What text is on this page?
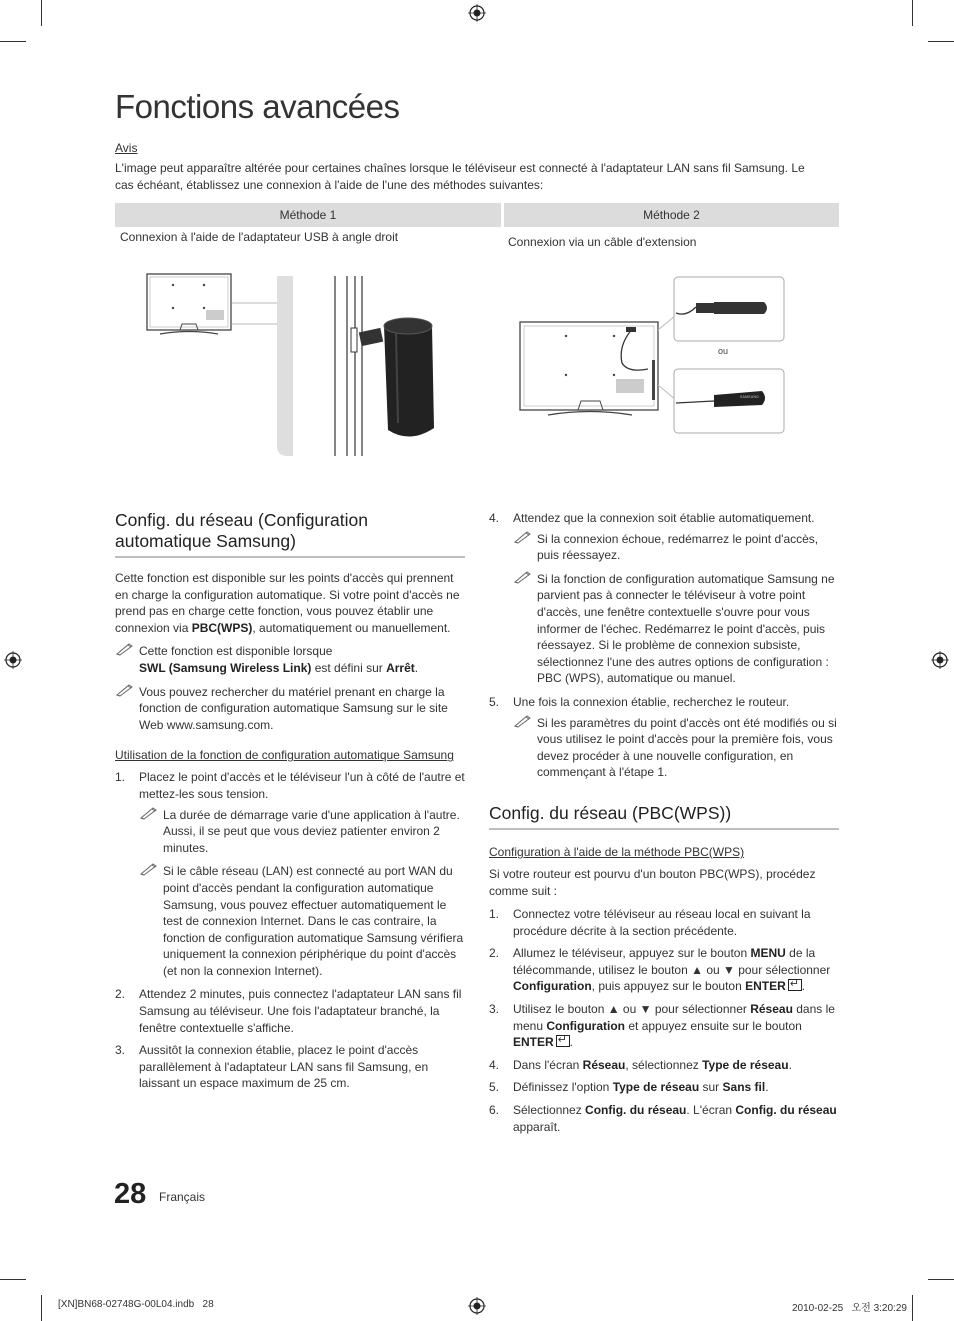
Fonctions avancées
Avis
L'image peut apparaître altérée pour certaines chaînes lorsque le téléviseur est connecté à l'adaptateur LAN sans fil Samsung. Le cas échéant, établissez une connexion à l'aide de l'une des méthodes suivantes:
Méthode 1	Méthode 2
Connexion à l'aide de l'adaptateur USB à angle droit	Connexion via un câble d'extension
ou
SAMSUNG
Config. du réseau (Configuration automatique Samsung)

Cette fonction est disponible sur les points d'accès qui prennent en charge la configuration automatique. Si votre point d'accès ne prend pas en charge cette fonction, vous pouvez établir une connexion via PBC(WPS), automatiquement ou manuellement.

Cette fonction est disponible lorsque
SWL (Samsung Wireless Link) est défini sur Arrêt.
Vous pouvez rechercher du matériel prenant en charge la fonction de configuration automatique Samsung sur le site Web www.samsung.com.
Utilisation de la fonction de configuration automatique Samsung
1. Placez le point d'accès et le téléviseur l'un à côté de l'autre et mettez-les sous tension.
La durée de démarrage varie d'une application à l'autre. Aussi, il se peut que vous deviez patienter environ 2 minutes.
Si le câble réseau (LAN) est connecté au port WAN du point d'accès pendant la configuration automatique Samsung, vous pouvez effectuer automatiquement le test de connexion Internet. Dans le cas contraire, la fonction de configuration automatique Samsung vérifiera uniquement la connexion périphérique du point d'accès (et non la connexion Internet).
2. Attendez 2 minutes, puis connectez l'adaptateur LAN sans fil Samsung au téléviseur. Une fois l'adaptateur branché, la fenêtre contextuelle s'affiche.
3. Aussitôt la connexion établie, placez le point d'accès parallèlement à l'adaptateur LAN sans fil Samsung, en laissant un espace maximum de 25 cm.
4. Attendez que la connexion soit établie automatiquement.
Si la connexion échoue, redémarrez le point d'accès, puis réessayez.
Si la fonction de configuration automatique Samsung ne parvient pas à connecter le téléviseur à votre point d'accès, une fenêtre contextuelle s'ouvre pour vous informer de l'échec. Redémarrez le point d'accès, puis réessayez. Si le problème de connexion subsiste, sélectionnez l'une des autres options de configuration : PBC (WPS), automatique ou manuel.
5. Une fois la connexion établie, recherchez le routeur.
Si les paramètres du point d'accès ont été modifiés ou si vous utilisez le point d'accès pour la première fois, vous devez procéder à une nouvelle configuration, en commençant à l'étape 1.
Config. du réseau (PBC(WPS))
Configuration à l'aide de la méthode PBC(WPS)

Si votre routeur est pourvu d'un bouton PBC(WPS), procédez comme suit :

1. Connectez votre téléviseur au réseau local en suivant la procédure décrite à la section précédente.
2. Allumez le téléviseur, appuyez sur le bouton MENU de la télécommande, utilisez le bouton ▲ ou ▼ pour sélectionner Configuration, puis appuyez sur le bouton ENTER ↵ .
3. Utilisez le bouton ▲ ou ▼ pour sélectionner Réseau dans le menu Configuration et appuyez ensuite sur le bouton ENTER ↵ .
4. Dans l'écran Réseau, sélectionnez Type de réseau.
5. Définissez l'option Type de réseau sur Sans fil.
6. Sélectionnez Config. du réseau. L'écran Config. du réseau apparaît.
28 Français
[XN]BN68-02748G-00L04.indb   28	2010-02-25   오전 3:20:29
